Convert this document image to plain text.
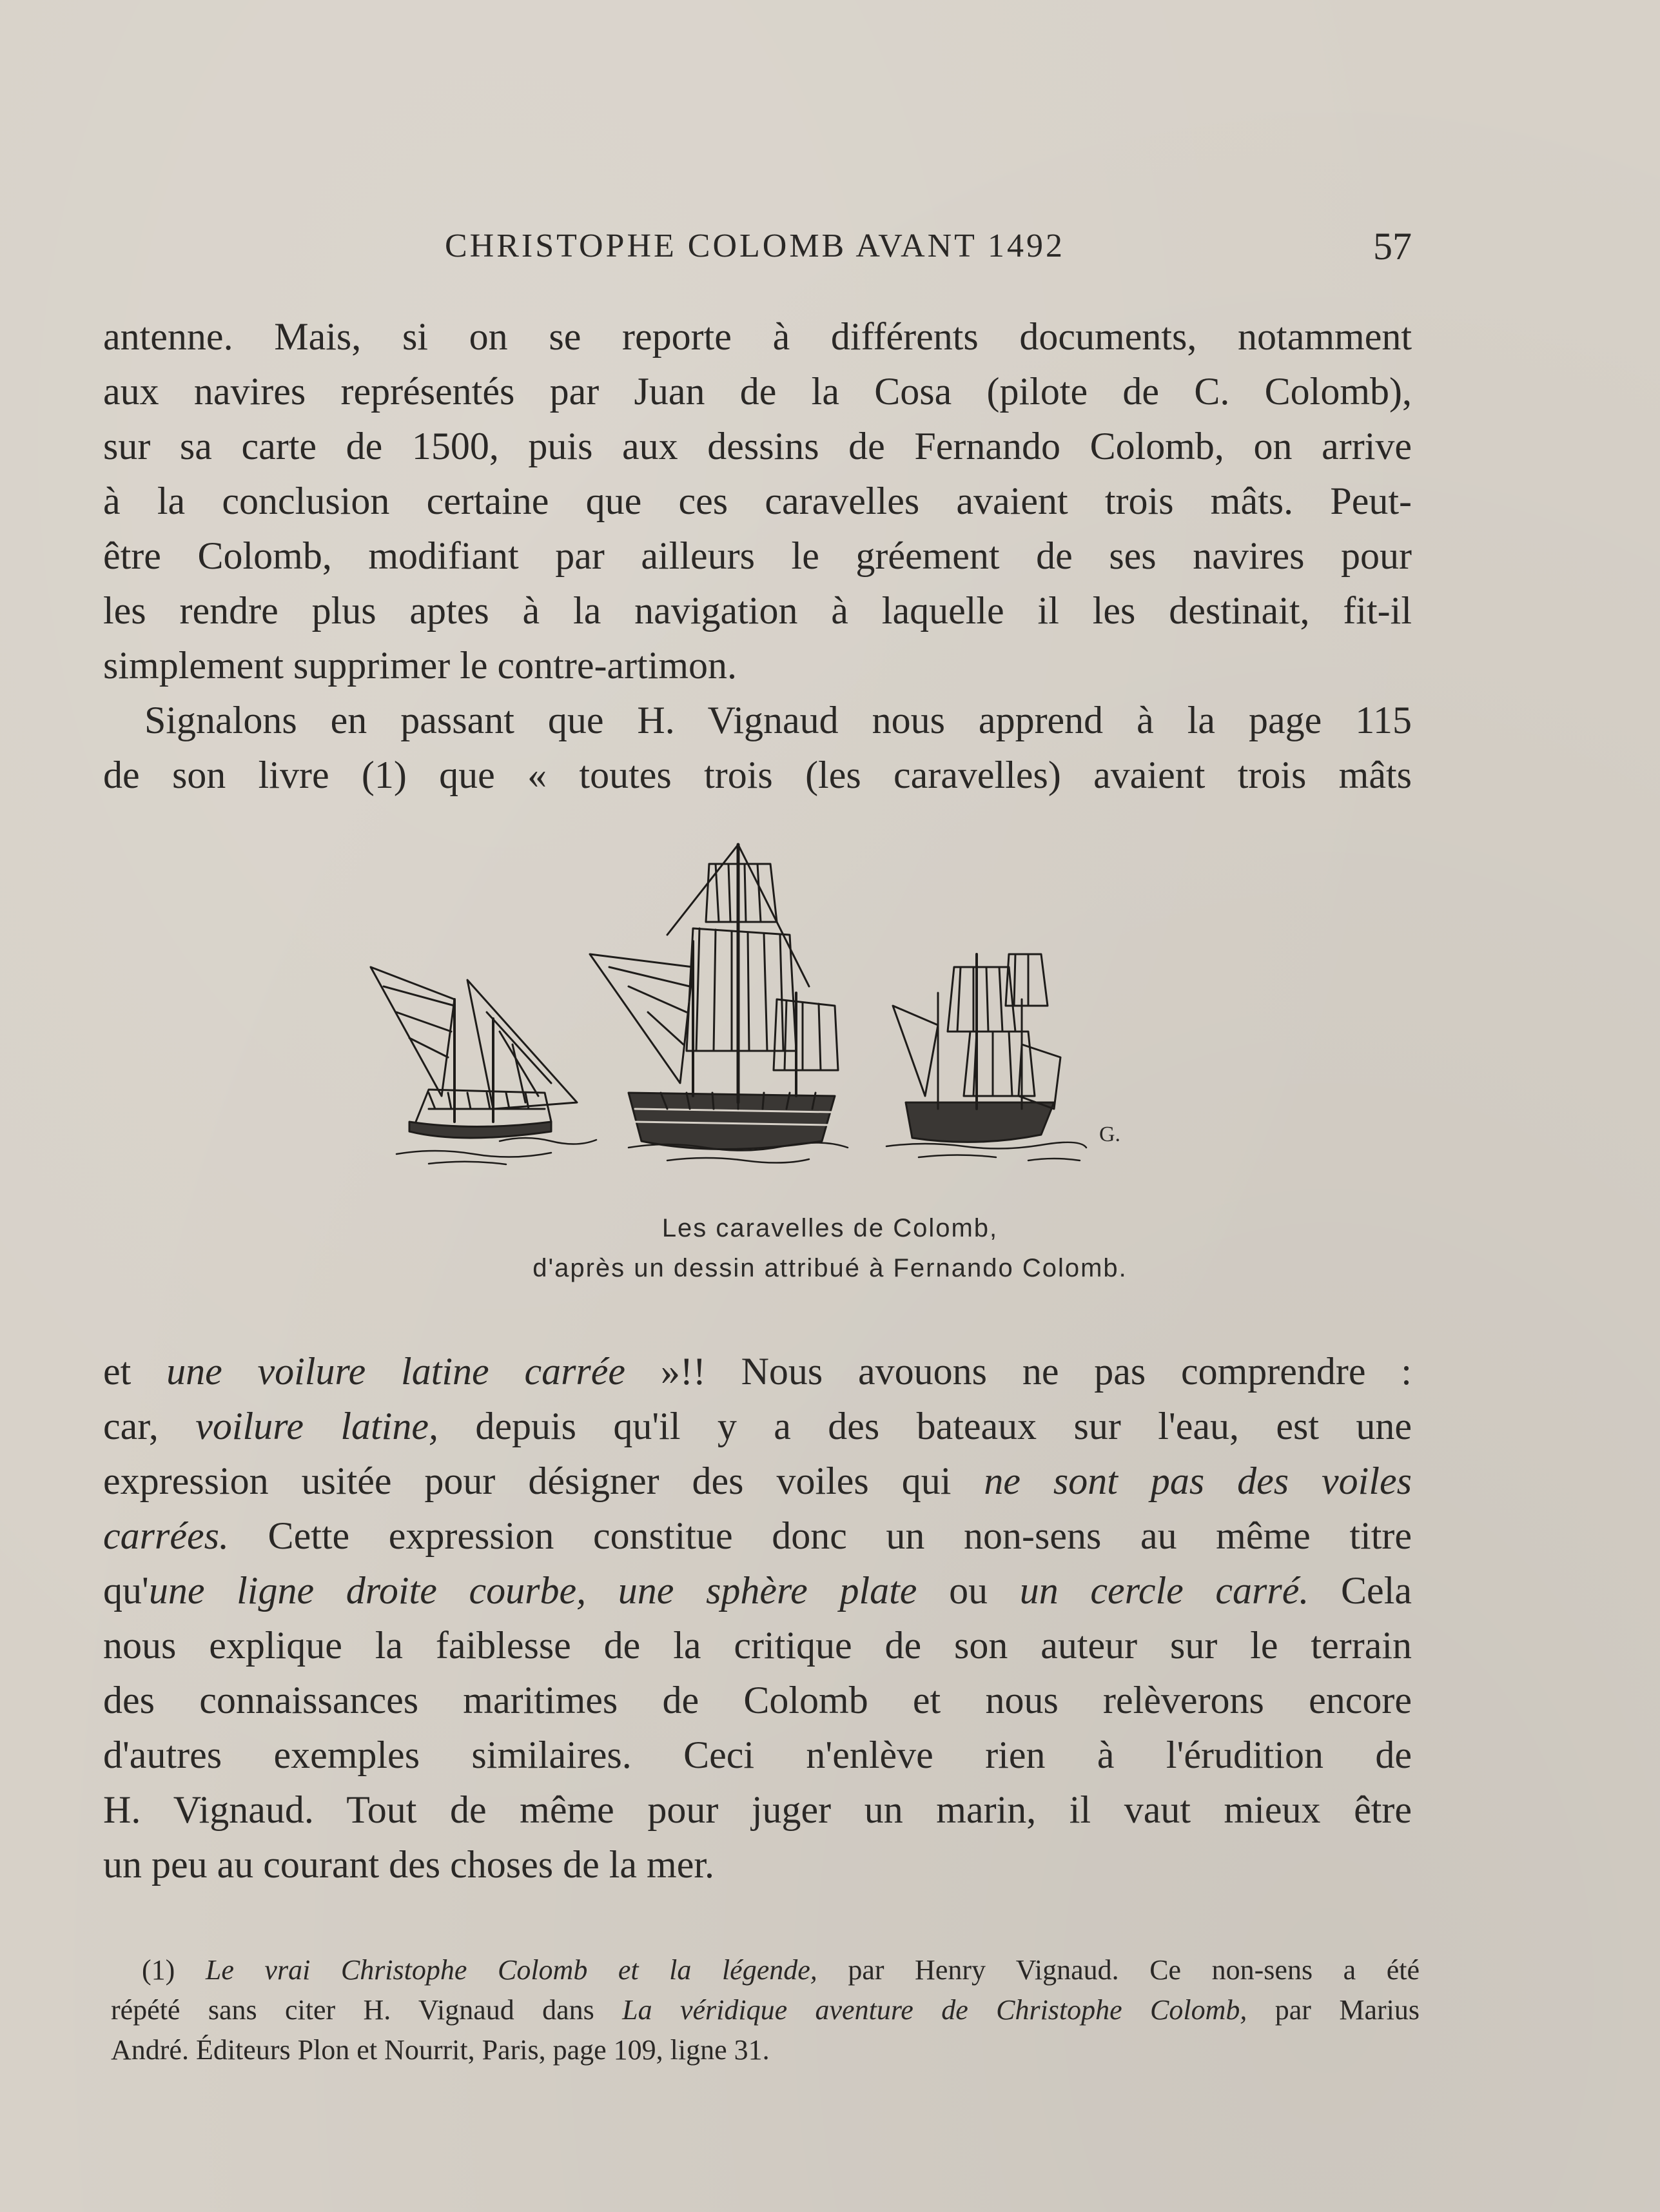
CHRISTOPHE COLOMB AVANT 1492	57

antenne. Mais, si on se reporte à différents documents, notamment
aux navires représentés par Juan de la Cosa (pilote de C. Colomb),
sur sa carte de 1500, puis aux dessins de Fernando Colomb, on arrive
à la conclusion certaine que ces caravelles avaient trois mâts. Peut-
être Colomb, modifiant par ailleurs le gréement de ses navires pour
les rendre plus aptes à la navigation à laquelle il les destinait, fit-il
simplement supprimer le contre-artimon.

Signalons en passant que H. Vignaud nous apprend à la page 115
de son livre (1) que « toutes trois (les caravelles) avaient trois mâts

G.
Les caravelles de Colomb,
d'après un dessin attribué à Fernando Colomb.

et une voilure latine carrée »!! Nous avouons ne pas comprendre :
car, voilure latine, depuis qu'il y a des bateaux sur l'eau, est une
expression usitée pour désigner des voiles qui ne sont pas des voiles
carrées. Cette expression constitue donc un non-sens au même titre
qu'une ligne droite courbe, une sphère plate ou un cercle carré. Cela
nous explique la faiblesse de la critique de son auteur sur le terrain
des connaissances maritimes de Colomb et nous relèverons encore
d'autres exemples similaires. Ceci n'enlève rien à l'érudition de
H. Vignaud. Tout de même pour juger un marin, il vaut mieux être
un peu au courant des choses de la mer.

(1) Le vrai Christophe Colomb et la légende, par Henry Vignaud. Ce non-sens a été
répété sans citer H. Vignaud dans La véridique aventure de Christophe Colomb, par Marius
André. Éditeurs Plon et Nourrit, Paris, page 109, ligne 31.
